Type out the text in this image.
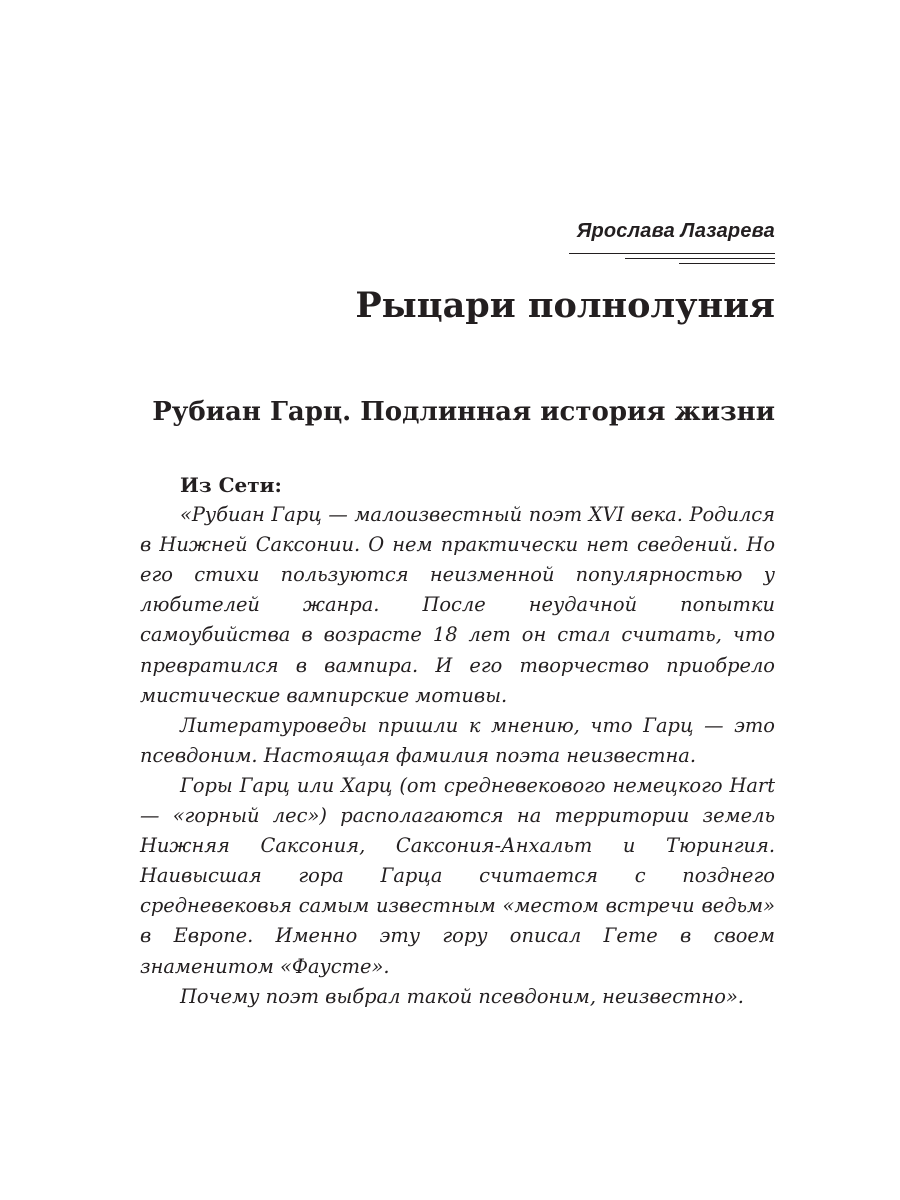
Ярослава Лазарева
Рыцари полнолуния
Рубиан Гарц. Подлинная история жизни
Из Сети:

«Рубиан Гарц — малоизвестный поэт XVI века. Родился в Нижней Саксонии. О нем практически нет сведений. Но его стихи пользуются неизменной популярностью у любителей жанра. После неудачной попытки самоубийства в возрасте 18 лет он стал считать, что превратился в вампира. И его творчество приобрело мистические вампирские мотивы.

Литературоведы пришли к мнению, что Гарц — это псевдоним. Настоящая фамилия поэта неизвестна.

Горы Гарц или Харц (от средневекового немецкого Hart — «горный лес») располагаются на территории земель Нижняя Саксония, Саксония-Анхальт и Тюрингия. Наивысшая гора Гарца считается с позднего средневековья самым известным «местом встречи ведьм» в Европе. Именно эту гору описал Гете в своем знаменитом «Фаусте».

Почему поэт выбрал такой псевдоним, неизвестно».
